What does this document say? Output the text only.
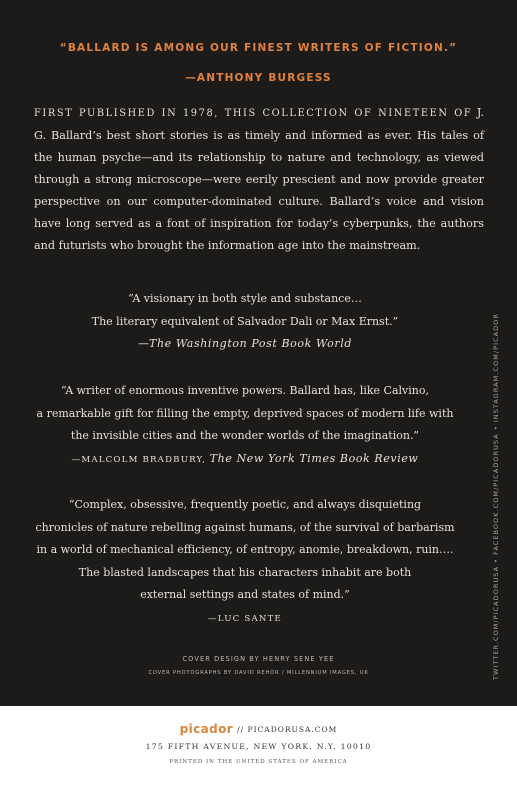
“BALLARD IS AMONG OUR FINEST WRITERS OF FICTION.”
—ANTHONY BURGESS
FIRST PUBLISHED IN 1978, THIS COLLECTION OF NINETEEN OF J. G. Ballard’s best short stories is as timely and informed as ever. His tales of the human psyche—and its relationship to nature and technology, as viewed through a strong microscope—were eerily prescient and now provide greater perspective on our computer-dominated culture. Ballard’s voice and vision have long served as a font of inspiration for today’s cyberpunks, the authors and futurists who brought the information age into the mainstream.
“A visionary in both style and substance…
The literary equivalent of Salvador Dali or Max Ernst.”
—The Washington Post Book World
“A writer of enormous inventive powers. Ballard has, like Calvino,
a remarkable gift for filling the empty, deprived spaces of modern life with
the invisible cities and the wonder worlds of the imagination.”
—MALCOLM BRADBURY, The New York Times Book Review
“Complex, obsessive, frequently poetic, and always disquieting
chronicles of nature rebelling against humans, of the survival of barbarism
in a world of mechanical efficiency, of entropy, anomie, breakdown, ruin….
The blasted landscapes that his characters inhabit are both
external settings and states of mind.”
—LUC SANTE
COVER DESIGN BY HENRY SENE YEE
COVER PHOTOGRAPHS BY DAVID REHOR / MILLENNIUM IMAGES, UK	TWITTER.COM/PICADORUSA • FACEBOOK.COM/PICADORUSA • INSTAGRAM.COM/PICADOR
picador // PICADORUSA.COM
175 FIFTH AVENUE, NEW YORK, N.Y. 10010
PRINTED IN THE UNITED STATES OF AMERICA
